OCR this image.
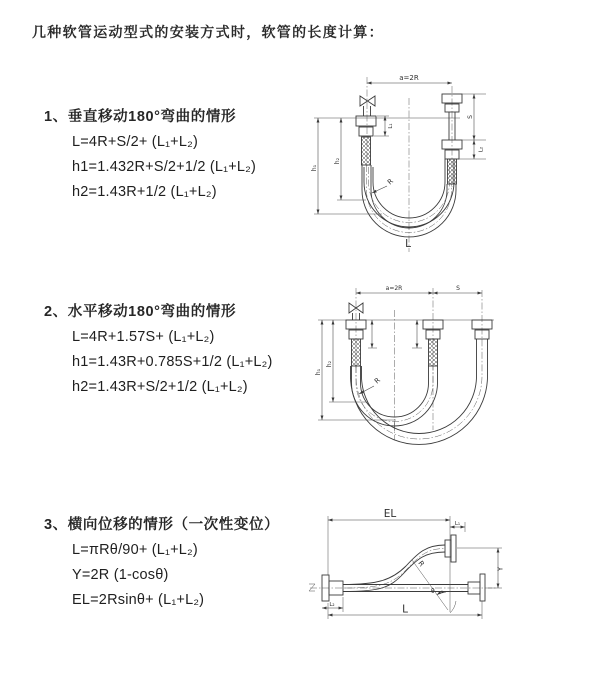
几种软管运动型式的安装方式时，软管的长度计算：
1、垂直移动180°弯曲的情形
L=4R+S/2+ (L₁+L₂)
h1=1.432R+S/2+1/2 (L₁+L₂)
h2=1.43R+1/2 (L₁+L₂)
2、水平移动180°弯曲的情形
L=4R+1.57S+ (L₁+L₂)
h1=1.43R+0.785S+1/2 (L₁+L₂)
h2=1.43R+S/2+1/2 (L₁+L₂)
3、横向位移的情形（一次性变位）
L=πRθ/90+ (L₁+L₂)
Y=2R (1-cosθ)
EL=2Rsinθ+ (L₁+L₂)
a=2R
h₁
h₂
S
L₂
L₁
R
L
a=2R	S
h₁
h₂
R
θ
R
EL
L₁
Y
L
L₂
